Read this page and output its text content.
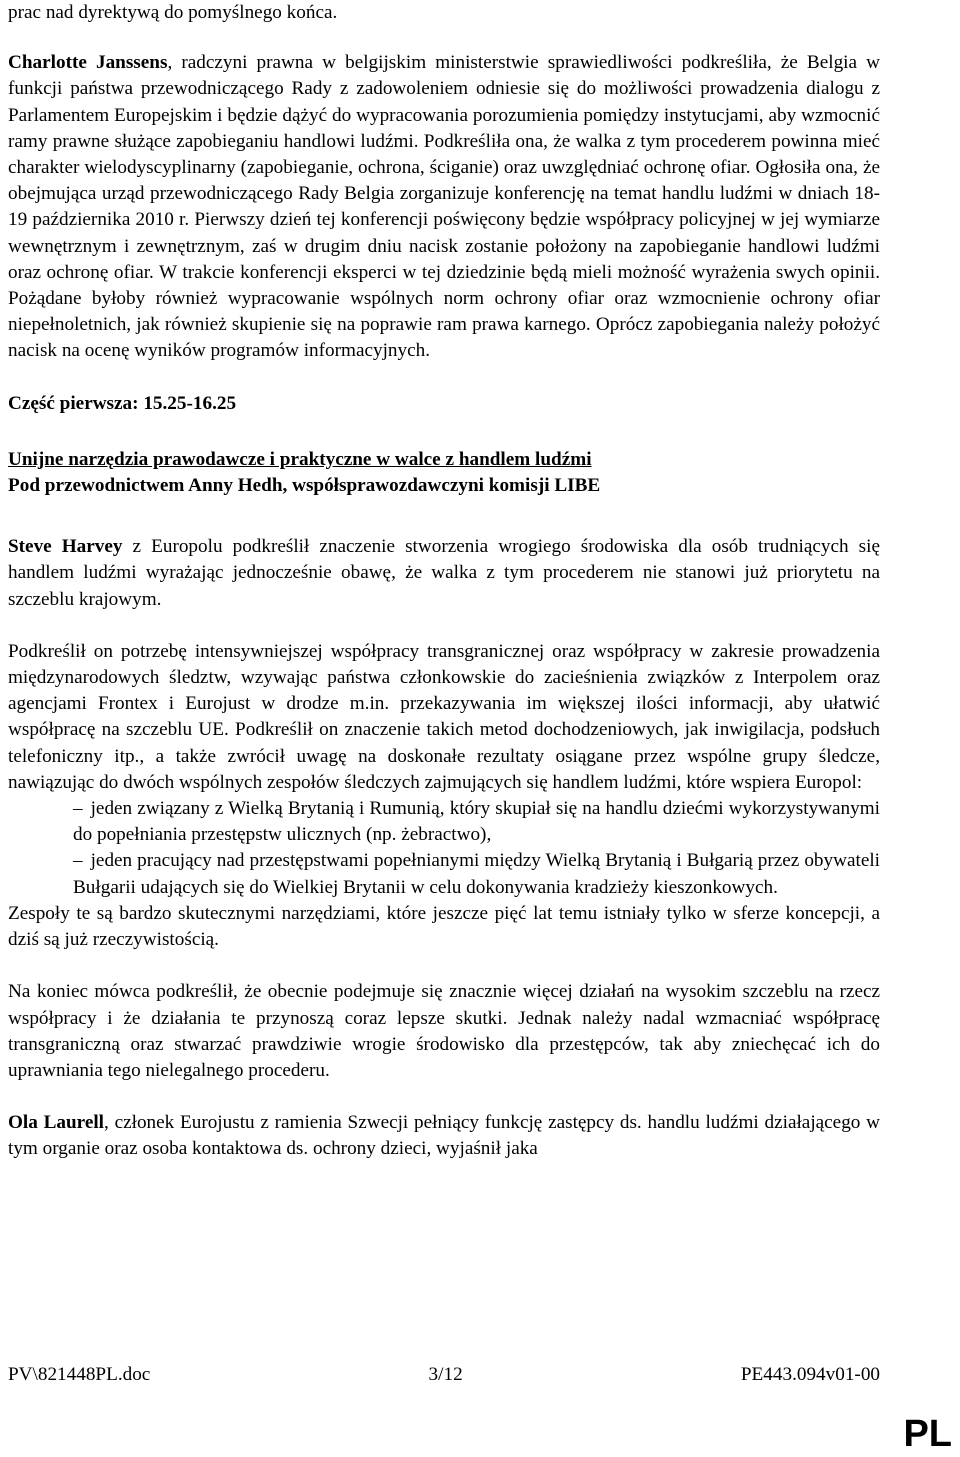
prac nad dyrektywą do pomyślnego końca.

Charlotte Janssens, radczyni prawna w belgijskim ministerstwie sprawiedliwości podkreśliła, że Belgia w funkcji państwa przewodniczącego Rady z zadowoleniem odniesie się do możliwości prowadzenia dialogu z Parlamentem Europejskim i będzie dążyć do wypracowania porozumienia pomiędzy instytucjami, aby wzmocnić ramy prawne służące zapobieganiu handlowi ludźmi. Podkreśliła ona, że walka z tym procederem powinna mieć charakter wielodyscyplinarny (zapobieganie, ochrona, ściganie) oraz uwzględniać ochronę ofiar. Ogłosiła ona, że obejmująca urząd przewodniczącego Rady Belgia zorganizuje konferencję na temat handlu ludźmi w dniach 18-19 października 2010 r. Pierwszy dzień tej konferencji poświęcony będzie współpracy policyjnej w jej wymiarze wewnętrznym i zewnętrznym, zaś w drugim dniu nacisk zostanie położony na zapobieganie handlowi ludźmi oraz ochronę ofiar. W trakcie konferencji eksperci w tej dziedzinie będą mieli możność wyrażenia swych opinii. Pożądane byłoby również wypracowanie wspólnych norm ochrony ofiar oraz wzmocnienie ochrony ofiar niepełnoletnich, jak również skupienie się na poprawie ram prawa karnego. Oprócz zapobiegania należy położyć nacisk na ocenę wyników programów informacyjnych.

Część pierwsza: 15.25-16.25

Unijne narzędzia prawodawcze i praktyczne w walce z handlem ludźmi

Pod przewodnictwem Anny Hedh, współsprawozdawczyni komisji LIBE

Steve Harvey z Europolu podkreślił znaczenie stworzenia wrogiego środowiska dla osób trudniących się handlem ludźmi wyrażając jednocześnie obawę, że walka z tym procederem nie stanowi już priorytetu na szczeblu krajowym.

Podkreślił on potrzebę intensywniejszej współpracy transgranicznej oraz współpracy w zakresie prowadzenia międzynarodowych śledztw, wzywając państwa członkowskie do zacieśnienia związków z Interpolem oraz agencjami Frontex i Eurojust w drodze m.in. przekazywania im większej ilości informacji, aby ułatwić współpracę na szczeblu UE. Podkreślił on znaczenie takich metod dochodzeniowych, jak inwigilacja, podsłuch telefoniczny itp., a także zwrócił uwagę na doskonałe rezultaty osiągane przez wspólne grupy śledcze, nawiązując do dwóch wspólnych zespołów śledczych zajmujących się handlem ludźmi, które wspiera Europol:

– jeden związany z Wielką Brytanią i Rumunią, który skupiał się na handlu dziećmi wykorzystywanymi do popełniania przestępstw ulicznych (np. żebractwo),
– jeden pracujący nad przestępstwami popełnianymi między Wielką Brytanią i Bułgarią przez obywateli Bułgarii udających się do Wielkiej Brytanii w celu dokonywania kradzieży kieszonkowych.

Zespoły te są bardzo skutecznymi narzędziami, które jeszcze pięć lat temu istniały tylko w sferze koncepcji, a dziś są już rzeczywistością.

Na koniec mówca podkreślił, że obecnie podejmuje się znacznie więcej działań na wysokim szczeblu na rzecz współpracy i że działania te przynoszą coraz lepsze skutki. Jednak należy nadal wzmacniać współpracę transgraniczną oraz stwarzać prawdziwie wrogie środowisko dla przestępców, tak aby zniechęcać ich do uprawniania tego nielegalnego procederu.

Ola Laurell, członek Eurojustu z ramienia Szwecji pełniący funkcję zastępcy ds. handlu ludźmi działającego w tym organie oraz osoba kontaktowa ds. ochrony dzieci, wyjaśnił jaka

PV\821448PL.doc	3/12	PE443.094v01-00
PL
